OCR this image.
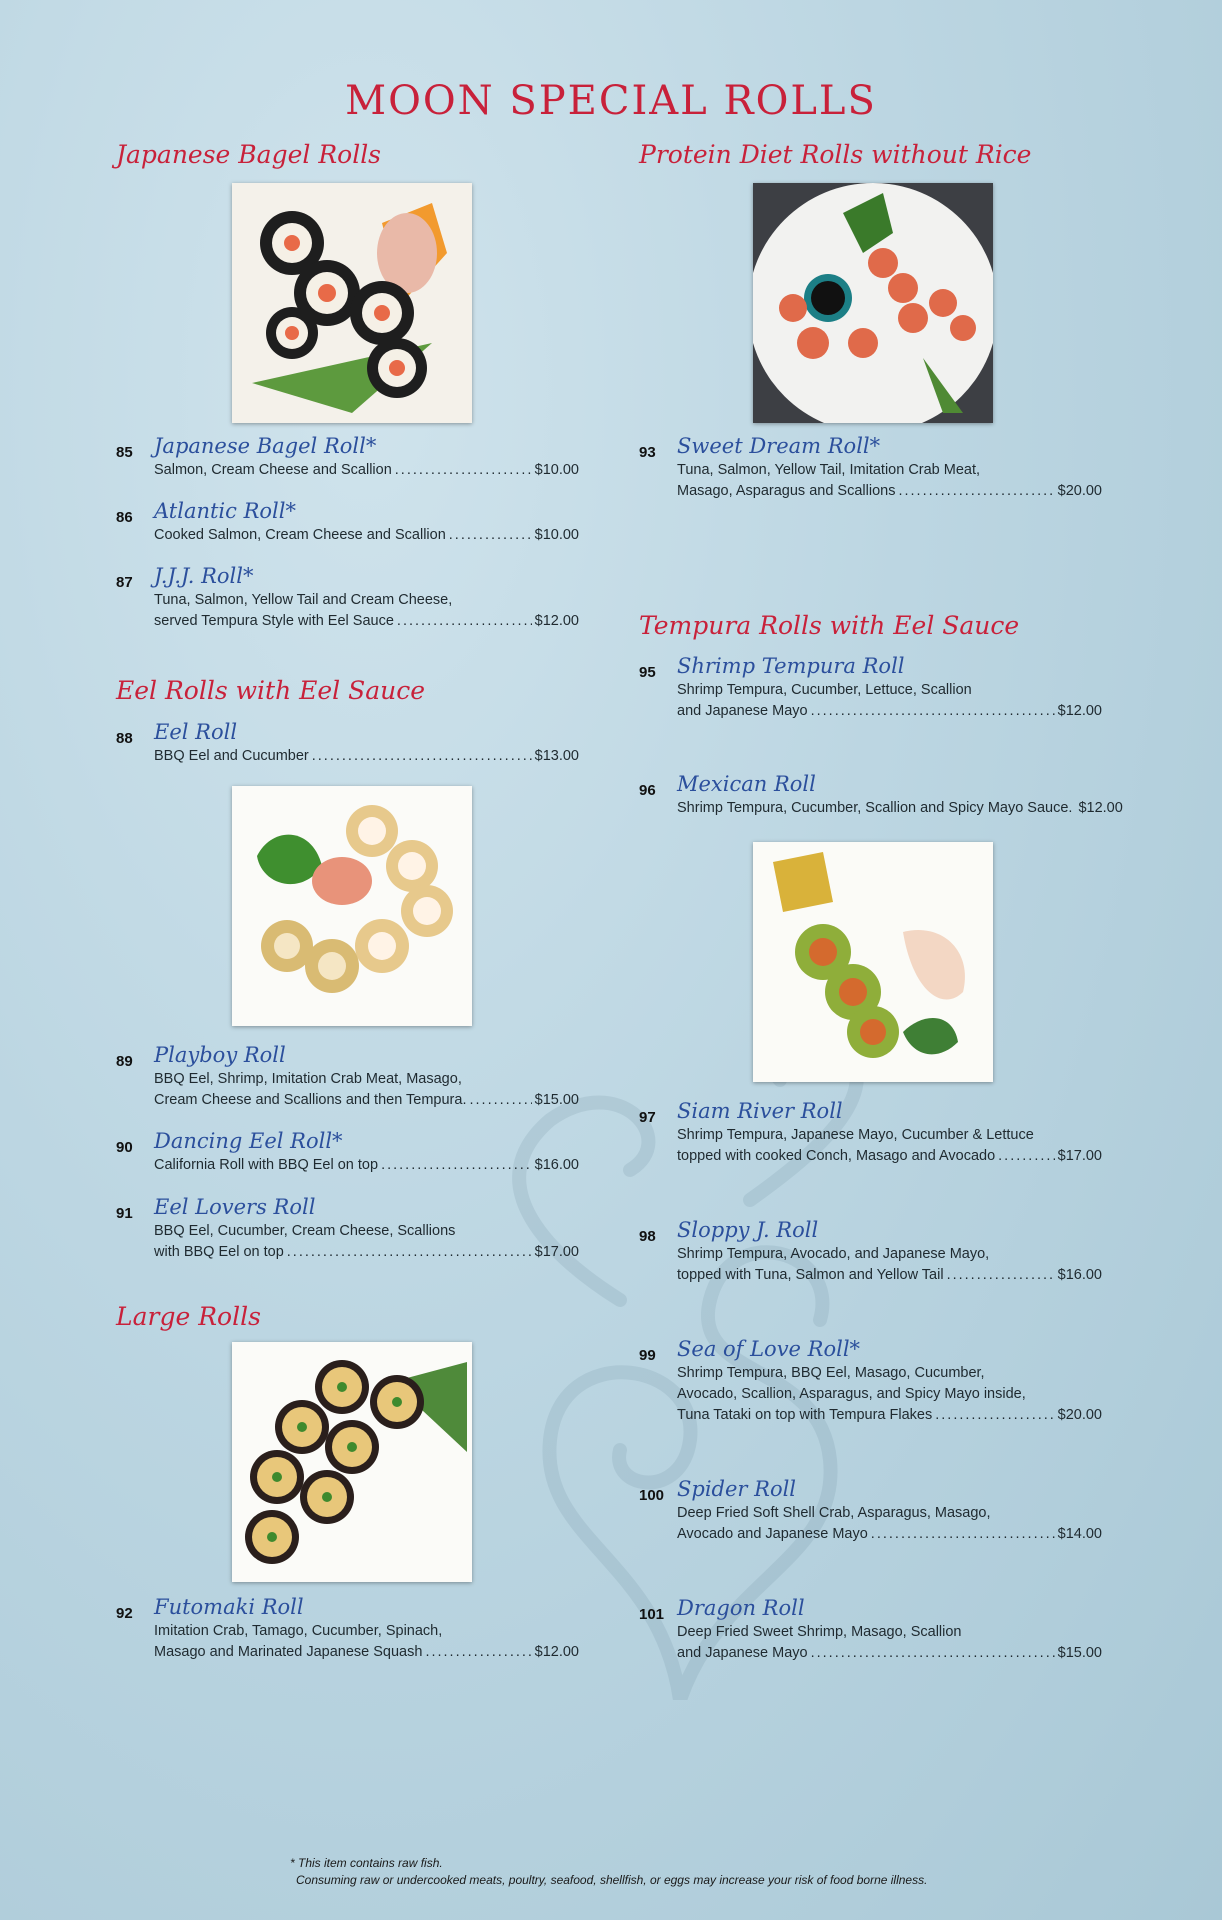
MOON SPECIAL ROLLS
Japanese Bagel Rolls	Protein Diet Rolls without Rice
Eel Rolls with Eel Sauce
Tempura Rolls with Eel Sauce
Large Rolls
85 Japanese Bagel Roll*
Salmon, Cream Cheese and Scallion .....	$10.00
86 Atlantic Roll*
Cooked Salmon, Cream Cheese and Scallion .....	$10.00
87 J.J.J. Roll*
Tuna, Salmon, Yellow Tail and Cream Cheese,
served Tempura Style with Eel Sauce .....	$12.00
88 Eel Roll
BBQ Eel and Cucumber .....	$13.00
89 Playboy Roll
BBQ Eel, Shrimp, Imitation Crab Meat, Masago,
Cream Cheese and Scallions and then Tempura. .....	$15.00
90 Dancing Eel Roll*
California Roll with BBQ Eel on top .....	$16.00
91 Eel Lovers Roll
BBQ Eel, Cucumber, Cream Cheese, Scallions
with BBQ Eel on top .....	$17.00
92 Futomaki Roll
Imitation Crab, Tamago, Cucumber, Spinach,
Masago and Marinated Japanese Squash .....	$12.00
93 Sweet Dream Roll*
Tuna, Salmon, Yellow Tail, Imitation Crab Meat,
Masago, Asparagus and Scallions .....	$20.00
95 Shrimp Tempura Roll
Shrimp Tempura, Cucumber, Lettuce, Scallion
and Japanese Mayo .....	$12.00
96 Mexican Roll
Shrimp Tempura, Cucumber, Scallion and Spicy Mayo Sauce. $12.00
97 Siam River Roll
Shrimp Tempura, Japanese Mayo, Cucumber & Lettuce
topped with cooked Conch, Masago and Avocado .....	$17.00
98 Sloppy J. Roll
Shrimp Tempura, Avocado, and Japanese Mayo,
topped with Tuna, Salmon and Yellow Tail .....	$16.00
99 Sea of Love Roll*
Shrimp Tempura, BBQ Eel, Masago, Cucumber,
Avocado, Scallion, Asparagus, and Spicy Mayo inside,
Tuna Tataki on top with Tempura Flakes .....	$20.00
100 Spider Roll
Deep Fried Soft Shell Crab, Asparagus, Masago,
Avocado and Japanese Mayo .....	$14.00
101 Dragon Roll
Deep Fried Sweet Shrimp, Masago, Scallion
and Japanese Mayo .....	$15.00
* This item contains raw fish.
Consuming raw or undercooked meats, poultry, seafood, shellfish, or eggs may increase your risk of food borne illness.
